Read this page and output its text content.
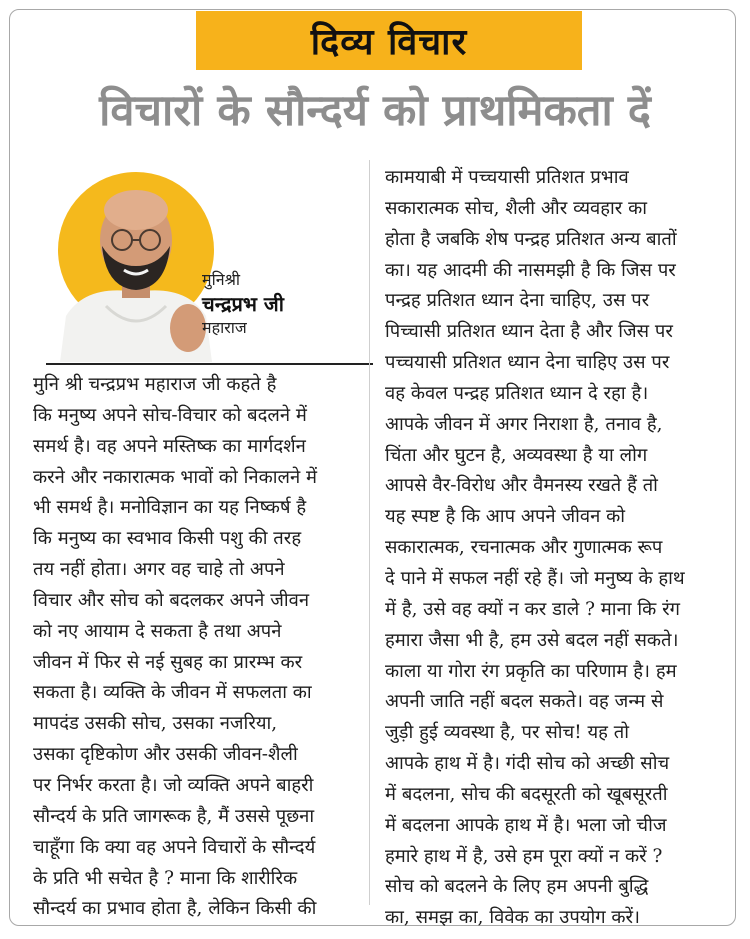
दिव्य विचार
विचारों के सौन्दर्य को प्राथमिकता दें
मुनिश्री
चन्द्रप्रभ जी
महाराज
मुनि श्री चन्द्रप्रभ महाराज जी कहते है
कि मनुष्य अपने सोच-विचार को बदलने में
समर्थ है। वह अपने मस्तिष्क का मार्गदर्शन
करने और नकारात्मक भावों को निकालने में
भी समर्थ है। मनोविज्ञान का यह निष्कर्ष है
कि मनुष्य का स्वभाव किसी पशु की तरह
तय नहीं होता। अगर वह चाहे तो अपने
विचार और सोच को बदलकर अपने जीवन
को नए आयाम दे सकता है तथा अपने
जीवन में फिर से नई सुबह का प्रारम्भ कर
सकता है। व्यक्ति के जीवन में सफलता का
मापदंड उसकी सोच, उसका नजरिया,
उसका दृष्टिकोण और उसकी जीवन-शैली
पर निर्भर करता है। जो व्यक्ति अपने बाहरी
सौन्दर्य के प्रति जागरूक है, मैं उससे पूछना
चाहूँगा कि क्या वह अपने विचारों के सौन्दर्य
के प्रति भी सचेत है ? माना कि शारीरिक
सौन्दर्य का प्रभाव होता है, लेकिन किसी की
कामयाबी में पच्चयासी प्रतिशत प्रभाव
सकारात्मक सोच, शैली और व्यवहार का
होता है जबकि शेष पन्द्रह प्रतिशत अन्य बातों
का। यह आदमी की नासमझी है कि जिस पर
पन्द्रह प्रतिशत ध्यान देना चाहिए, उस पर
पिच्चासी प्रतिशत ध्यान देता है और जिस पर
पच्चयासी प्रतिशत ध्यान देना चाहिए उस पर
वह केवल पन्द्रह प्रतिशत ध्यान दे रहा है।
आपके जीवन में अगर निराशा है, तनाव है,
चिंता और घुटन है, अव्यवस्था है या लोग
आपसे वैर-विरोध और वैमनस्य रखते हैं तो
यह स्पष्ट है कि आप अपने जीवन को
सकारात्मक, रचनात्मक और गुणात्मक रूप
दे पाने में सफल नहीं रहे हैं। जो मनुष्य के हाथ
में है, उसे वह क्यों न कर डाले ? माना कि रंग
हमारा जैसा भी है, हम उसे बदल नहीं सकते।
काला या गोरा रंग प्रकृति का परिणाम है। हम
अपनी जाति नहीं बदल सकते। वह जन्म से
जुड़ी हुई व्यवस्था है, पर सोच! यह तो
आपके हाथ में है। गंदी सोच को अच्छी सोच
में बदलना, सोच की बदसूरती को खूबसूरती
में बदलना आपके हाथ में है। भला जो चीज
हमारे हाथ में है, उसे हम पूरा क्यों न करें ?
सोच को बदलने के लिए हम अपनी बुद्धि
का, समझ का, विवेक का उपयोग करें।
